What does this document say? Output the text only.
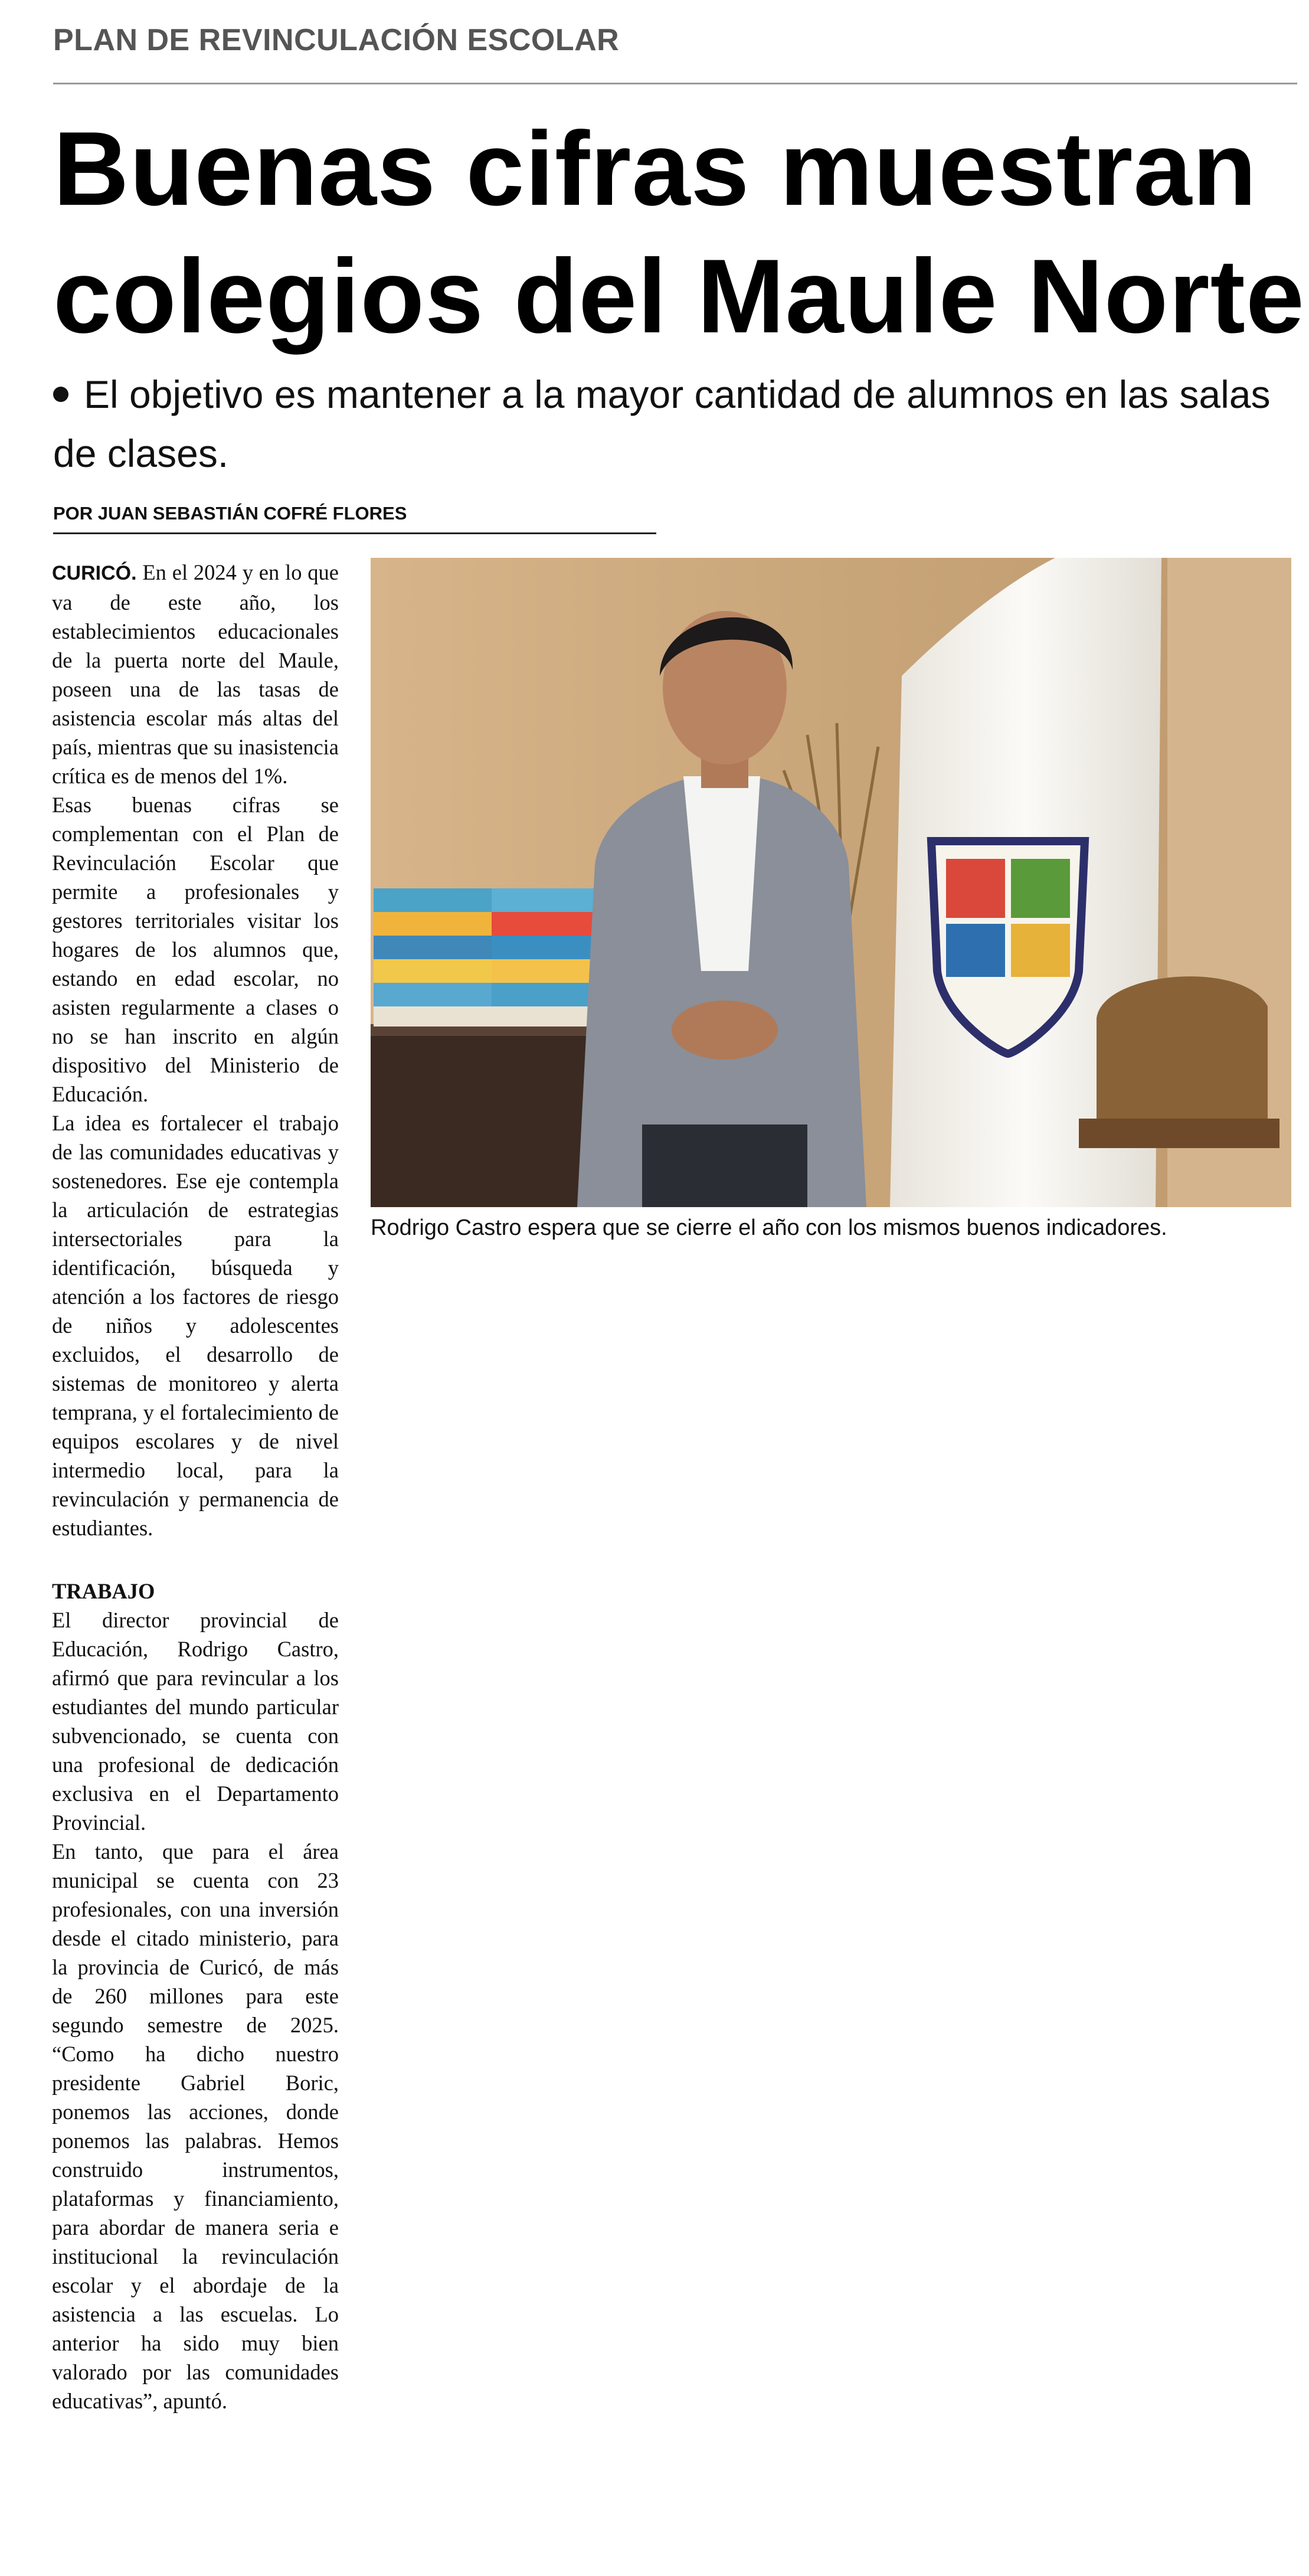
PLAN DE REVINCULACIÓN ESCOLAR
Buenas cifras muestran
colegios del Maule Norte
El objetivo es mantener a la mayor cantidad de alumnos en las salas de clases.
POR JUAN SEBASTIÁN COFRÉ FLORES

CURICÓ. En el 2024 y en lo que va de este año, los establecimientos educacionales de la puerta norte del Maule, poseen una de las tasas de asistencia escolar más altas del país, mientras que su inasistencia crítica es de menos del 1%.

Esas buenas cifras se complementan con el Plan de Revinculación Escolar que permite a profesionales y gestores territoriales visitar los hogares de los alumnos que, estando en edad escolar, no asisten regularmente a clases o no se han inscrito en algún dispositivo del Ministerio de Educación.

La idea es fortalecer el trabajo de las comunidades educativas y sostenedores. Ese eje contempla la articulación de estrategias intersectoriales para la identificación, búsqueda y atención a los factores de riesgo de niños y adolescentes excluidos, el desarrollo de sistemas de monitoreo y alerta temprana, y el fortalecimiento de equipos escolares y de nivel intermedio local, para la revinculación y permanencia de estudiantes.

TRABAJO

El director provincial de Educación, Rodrigo Castro, afirmó que para revincular a los estudiantes del mundo particular subvencionado, se cuenta con una profesional de dedicación exclusiva en el Departamento Provincial.

En tanto, que para el área municipal se cuenta con 23 profesionales, con una inversión desde el citado ministerio, para la provincia de Curicó, de más de 260 millones para este segundo semestre de 2025. “Como ha dicho nuestro presidente Gabriel Boric, ponemos las acciones, donde ponemos las palabras. Hemos construido instrumentos, plataformas y financiamiento, para abordar de manera seria e institucional la revinculación escolar y el abordaje de la asistencia a las escuelas. Lo anterior ha sido muy bien valorado por las comunidades educativas”, apuntó.

Rodrigo Castro espera que se cierre el año con los mismos buenos indicadores.
